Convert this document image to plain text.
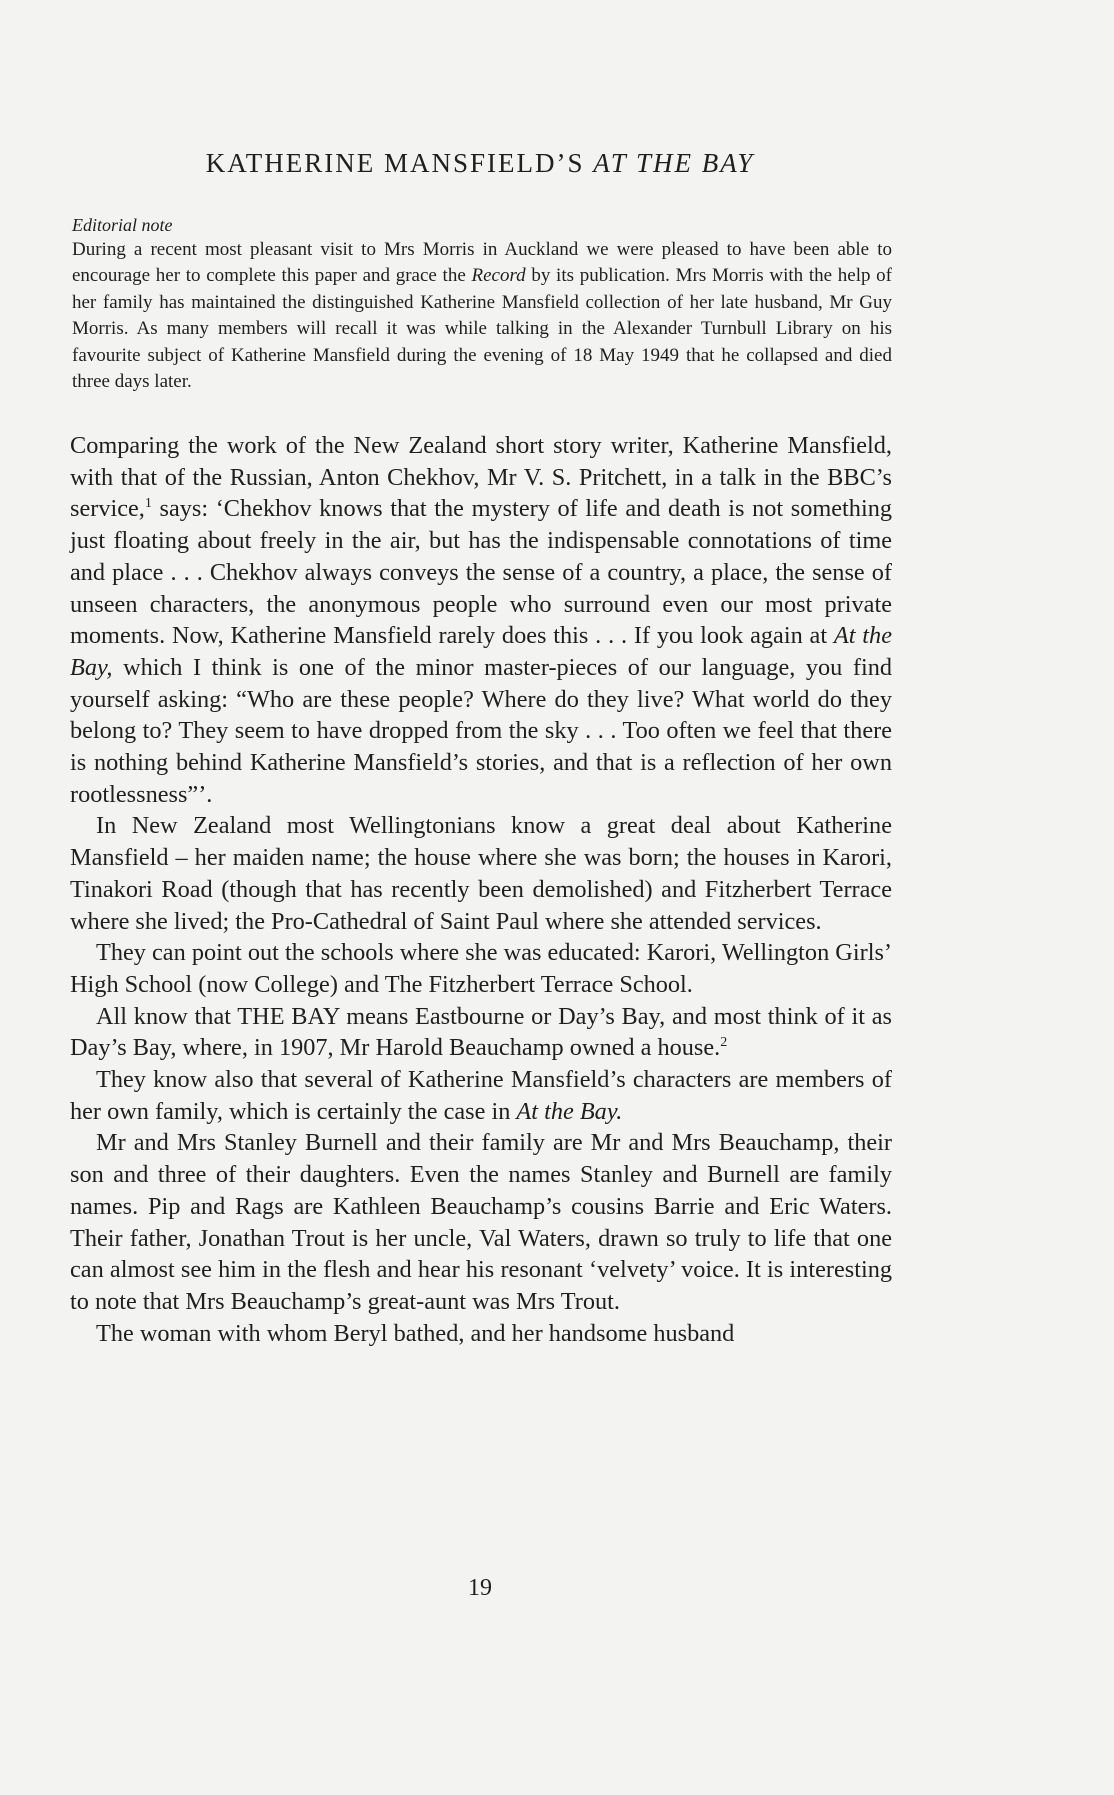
KATHERINE MANSFIELD’S AT THE BAY
Editorial note

During a recent most pleasant visit to Mrs Morris in Auckland we were pleased to have been able to encourage her to complete this paper and grace the Record by its publication. Mrs Morris with the help of her family has maintained the distinguished Katherine Mansfield collection of her late husband, Mr Guy Morris. As many members will recall it was while talking in the Alexander Turnbull Library on his favourite subject of Katherine Mansfield during the evening of 18 May 1949 that he collapsed and died three days later.

Comparing the work of the New Zealand short story writer, Katherine Mansfield, with that of the Russian, Anton Chekhov, Mr V. S. Pritchett, in a talk in the BBC’s service,$^1$ says: ‘Chekhov knows that the mystery of life and death is not something just floating about freely in the air, but has the indispensable connotations of time and place . . . Chekhov always conveys the sense of a country, a place, the sense of unseen characters, the anonymous people who surround even our most private moments. Now, Katherine Mansfield rarely does this . . . If you look again at At the Bay, which I think is one of the minor master-pieces of our language, you find yourself asking: “Who are these people? Where do they live? What world do they belong to? They seem to have dropped from the sky . . . Too often we feel that there is nothing behind Katherine Mansfield’s stories, and that is a reflection of her own rootlessness”’.

In New Zealand most Wellingtonians know a great deal about Katherine Mansfield – her maiden name; the house where she was born; the houses in Karori, Tinakori Road (though that has recently been demolished) and Fitzherbert Terrace where she lived; the Pro-Cathedral of Saint Paul where she attended services.

They can point out the schools where she was educated: Karori, Wellington Girls’ High School (now College) and The Fitzherbert Terrace School.

All know that THE BAY means Eastbourne or Day’s Bay, and most think of it as Day’s Bay, where, in 1907, Mr Harold Beauchamp owned a house.$^2$

They know also that several of Katherine Mansfield’s characters are members of her own family, which is certainly the case in At the Bay.

Mr and Mrs Stanley Burnell and their family are Mr and Mrs Beauchamp, their son and three of their daughters. Even the names Stanley and Burnell are family names. Pip and Rags are Kathleen Beauchamp’s cousins Barrie and Eric Waters. Their father, Jonathan Trout is her uncle, Val Waters, drawn so truly to life that one can almost see him in the flesh and hear his resonant ‘velvety’ voice. It is interesting to note that Mrs Beauchamp’s great-aunt was Mrs Trout.

The woman with whom Beryl bathed, and her handsome husband

19
